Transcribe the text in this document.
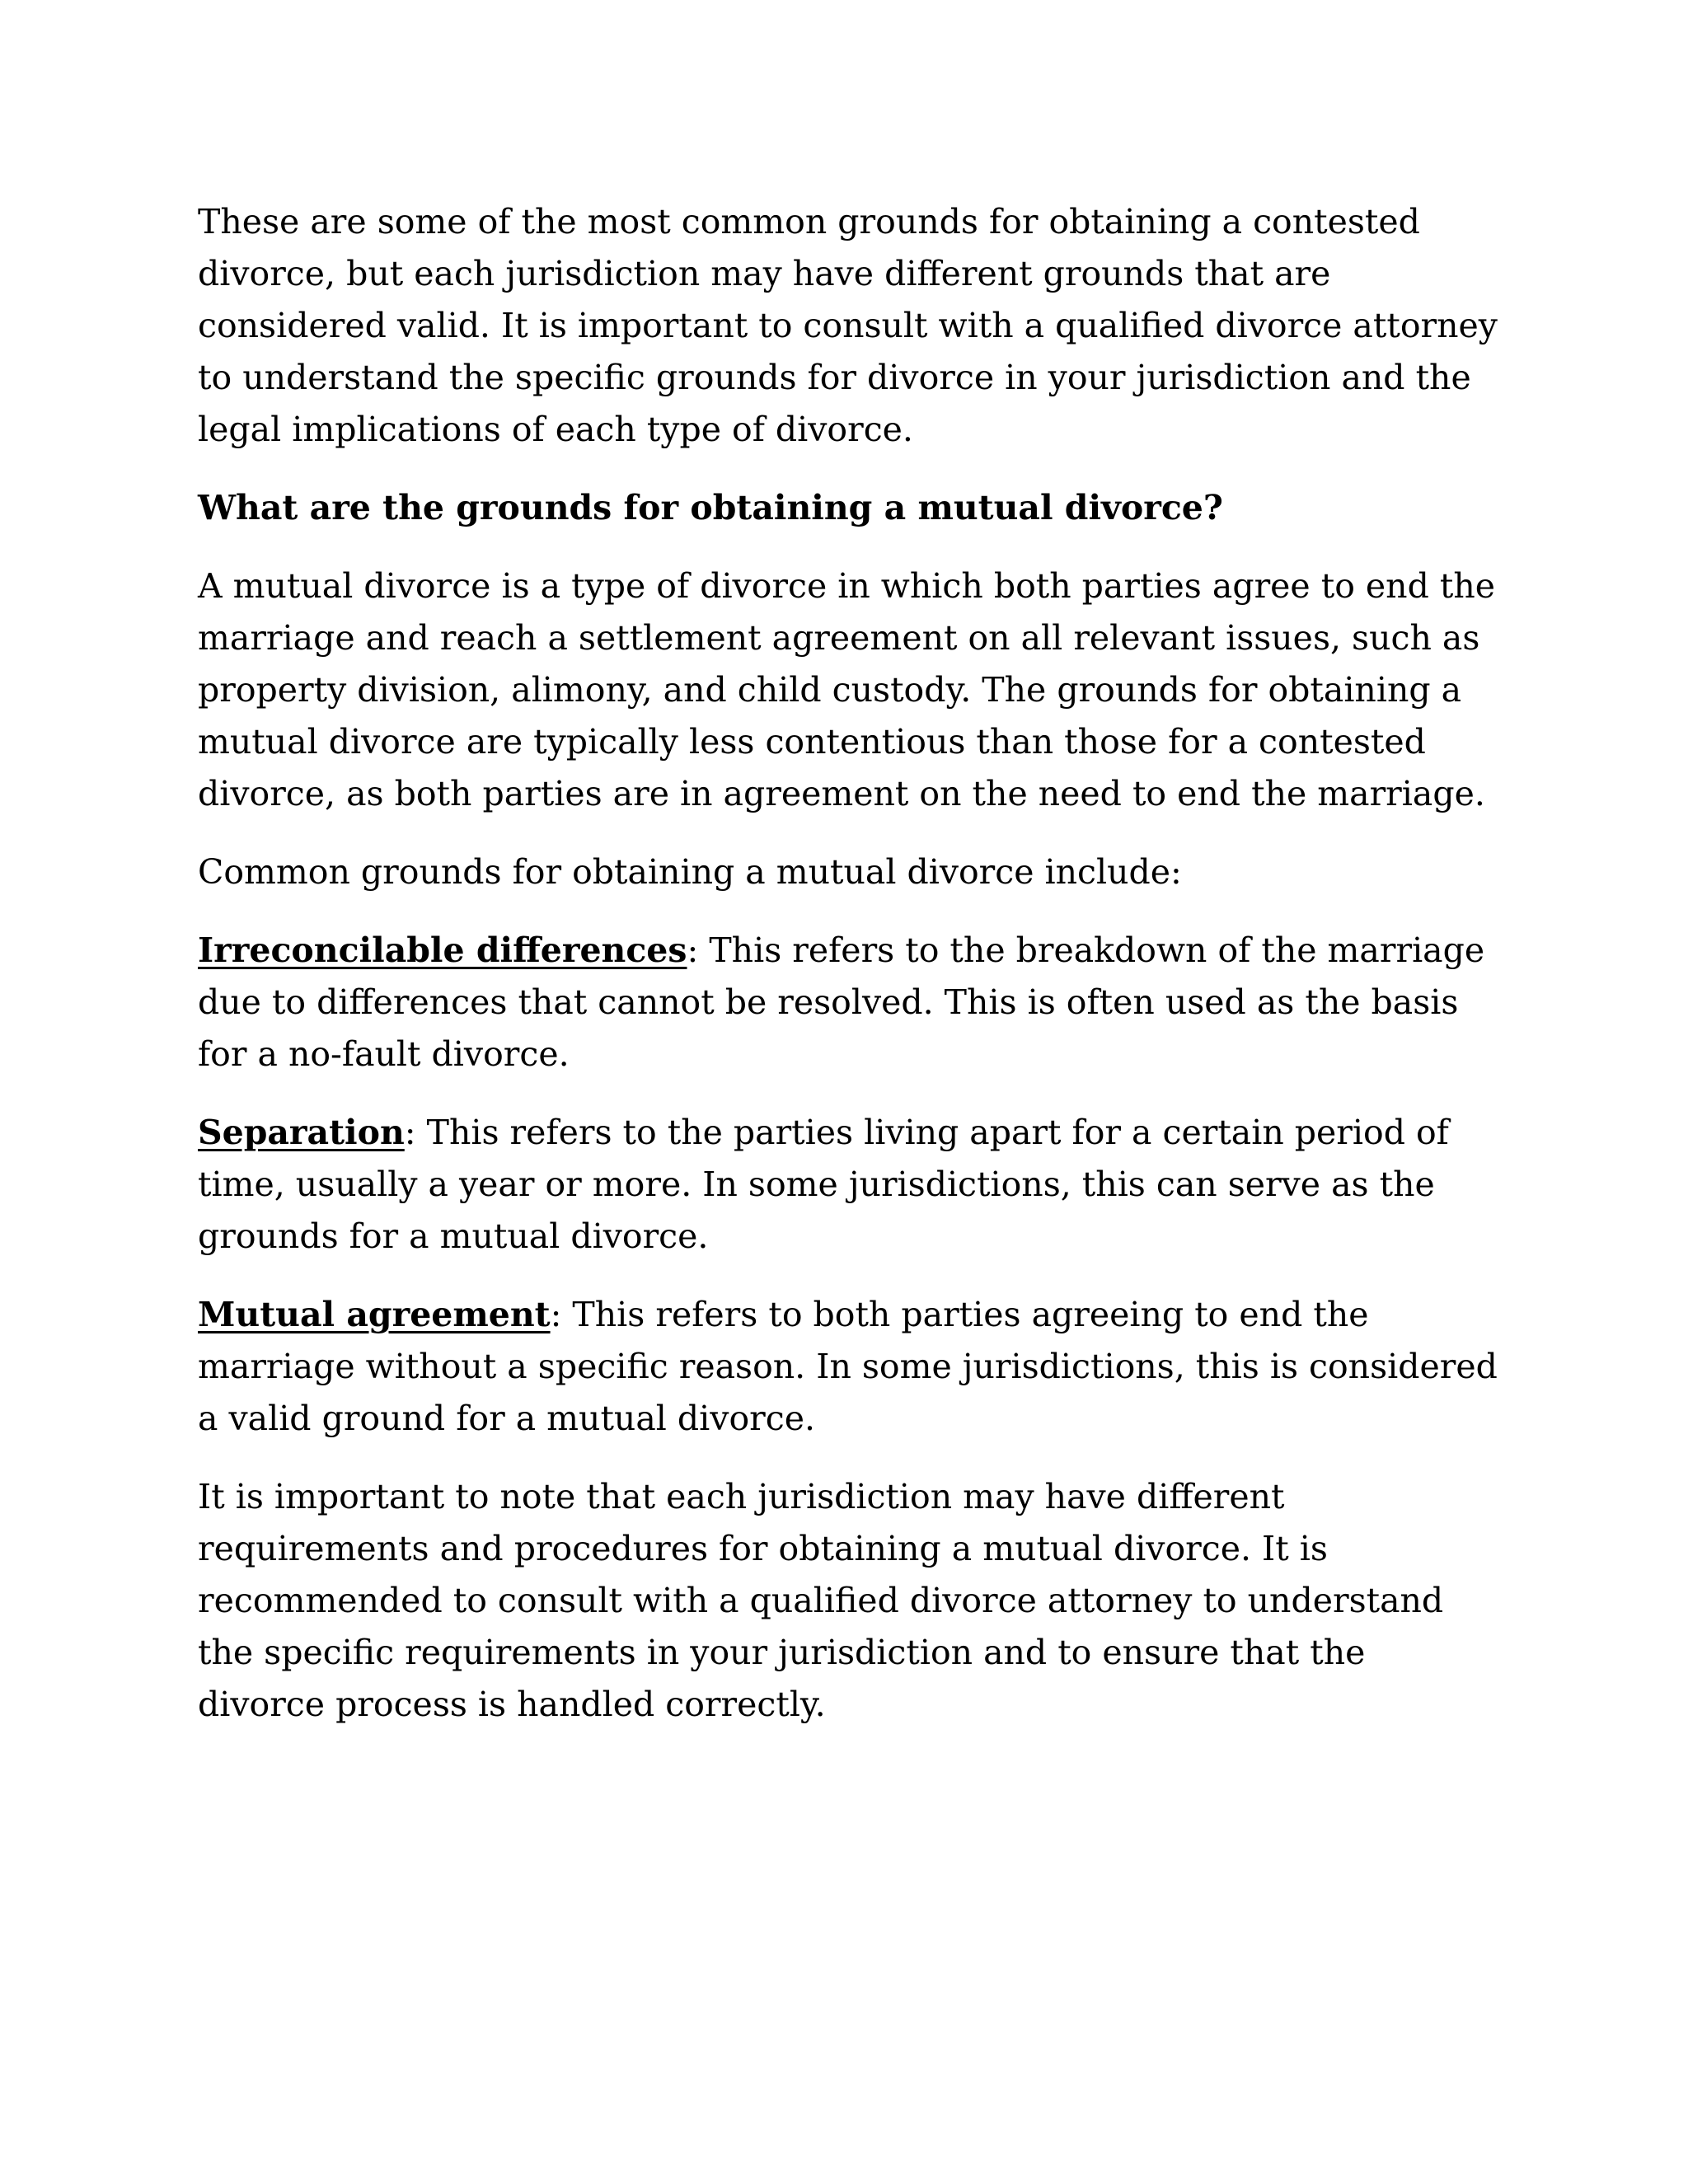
These are some of the most common grounds for obtaining a contested divorce, but each jurisdiction may have different grounds that are considered valid. It is important to consult with a qualified divorce attorney to understand the specific grounds for divorce in your jurisdiction and the legal implications of each type of divorce.

What are the grounds for obtaining a mutual divorce?

A mutual divorce is a type of divorce in which both parties agree to end the marriage and reach a settlement agreement on all relevant issues, such as property division, alimony, and child custody. The grounds for obtaining a mutual divorce are typically less contentious than those for a contested divorce, as both parties are in agreement on the need to end the marriage.

Common grounds for obtaining a mutual divorce include:

Irreconcilable differences: This refers to the breakdown of the marriage due to differences that cannot be resolved. This is often used as the basis for a no-fault divorce.

Separation: This refers to the parties living apart for a certain period of time, usually a year or more. In some jurisdictions, this can serve as the grounds for a mutual divorce.

Mutual agreement: This refers to both parties agreeing to end the marriage without a specific reason. In some jurisdictions, this is considered a valid ground for a mutual divorce.

It is important to note that each jurisdiction may have different requirements and procedures for obtaining a mutual divorce. It is recommended to consult with a qualified divorce attorney to understand the specific requirements in your jurisdiction and to ensure that the divorce process is handled correctly.
